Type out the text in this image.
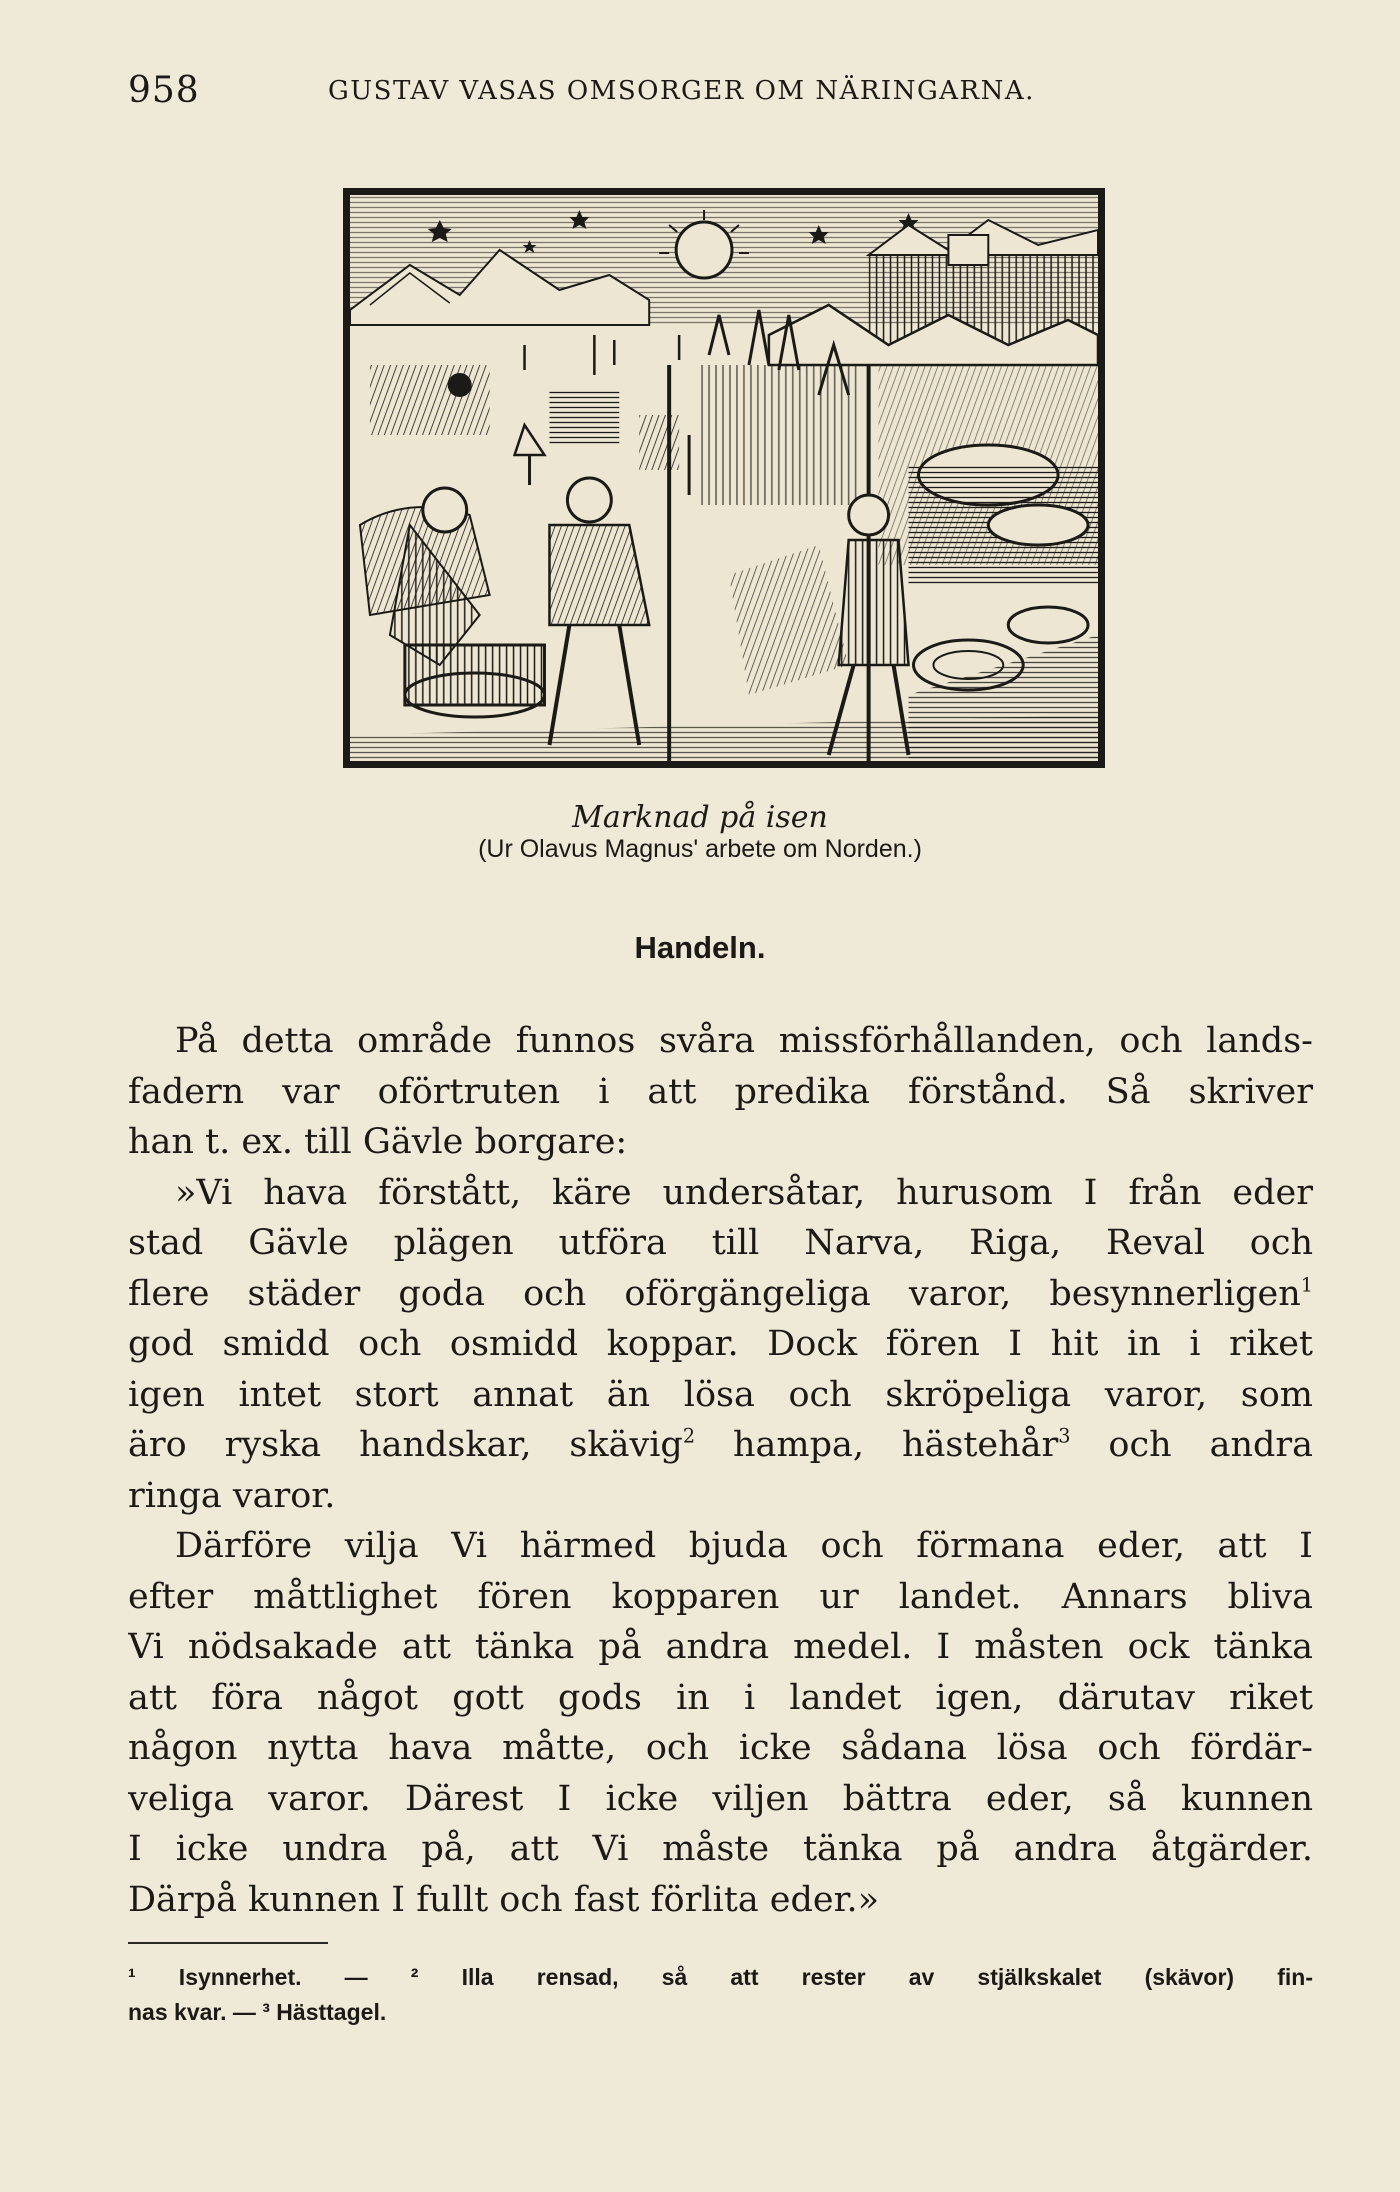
958	GUSTAV VASAS OMSORGER OM NÄRINGARNA.
Marknad på isen
(Ur Olavus Magnus' arbete om Norden.)
Handeln.
På detta område funnos svåra missförhållanden, och lands-
fadern var oförtruten i att predika förstånd. Så skriver
han t. ex. till Gävle borgare:
»Vi hava förstått, käre undersåtar, hurusom I från eder
stad Gävle plägen utföra till Narva, Riga, Reval och
flere städer goda och oförgängeliga varor, besynnerligen$^1$
god smidd och osmidd koppar. Dock fören I hit in i riket
igen intet stort annat än lösa och skröpeliga varor, som
äro ryska handskar, skävig$^2$ hampa, hästehår$^3$ och andra
ringa varor.
Därföre vilja Vi härmed bjuda och förmana eder, att I
efter måttlighet fören kopparen ur landet. Annars bliva
Vi nödsakade att tänka på andra medel. I måsten ock tänka
att föra något gott gods in i landet igen, därutav riket
någon nytta hava måtte, och icke sådana lösa och fördär-
veliga varor. Därest I icke viljen bättra eder, så kunnen
I icke undra på, att Vi måste tänka på andra åtgärder.
Därpå kunnen I fullt och fast förlita eder.»
¹ Isynnerhet. — ² Illa rensad, så att rester av stjälkskalet (skävor) fin-
nas kvar. — ³ Hästtagel.
